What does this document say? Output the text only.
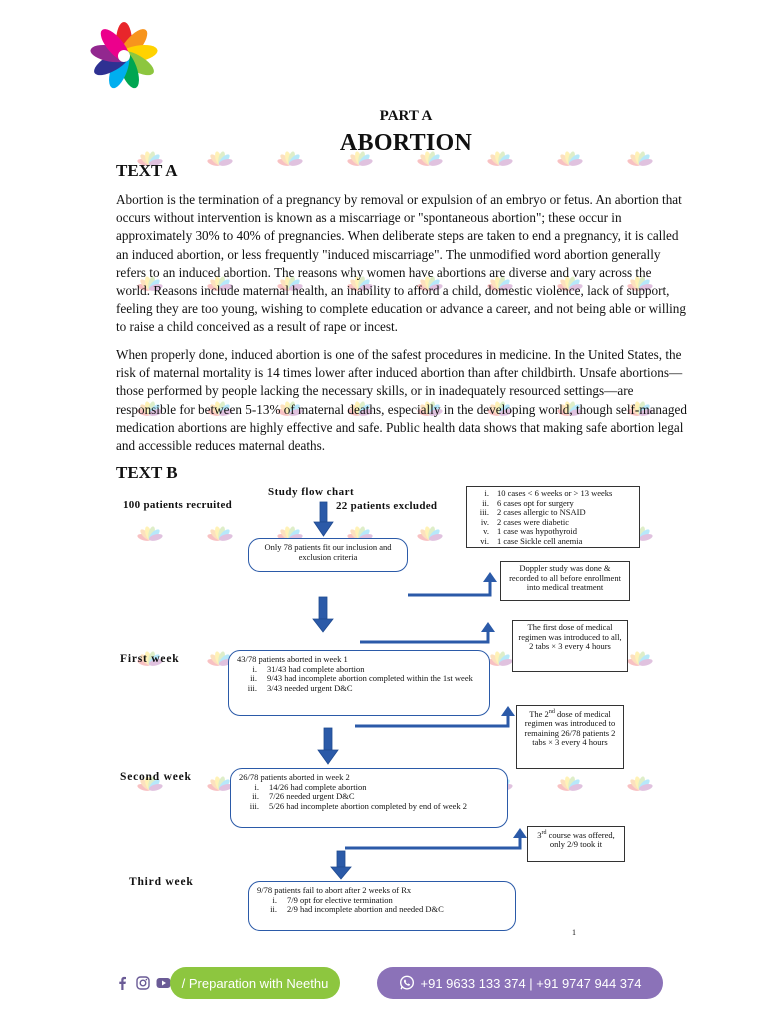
PART A
ABORTION
TEXT A
Abortion is the termination of a pregnancy by removal or expulsion of an embryo or fetus. An abortion that occurs without intervention is known as a miscarriage or "spontaneous abortion"; these occur in approximately 30% to 40% of pregnancies. When deliberate steps are taken to end a pregnancy, it is called an induced abortion, or less frequently "induced miscarriage". The unmodified word abortion generally refers to an induced abortion. The reasons why women have abortions are diverse and vary across the world. Reasons include maternal health, an inability to afford a child, domestic violence, lack of support, feeling they are too young, wishing to complete education or advance a career, and not being able or willing to raise a child conceived as a result of rape or incest.
When properly done, induced abortion is one of the safest procedures in medicine. In the United States, the risk of maternal mortality is 14 times lower after induced abortion than after childbirth. Unsafe abortions—those performed by people lacking the necessary skills, or in inadequately resourced settings—are responsible for between 5-13% of maternal deaths, especially in the developing world, though self-managed medication abortions are highly effective and safe. Public health data shows that making safe abortion legal and accessible reduces maternal deaths.
TEXT B
Study flow chart
100 patients recruited	22 patients excluded
i. 10 cases < 6 weeks or > 13 weeks
ii. 6 cases opt for surgery
iii. 2 cases allergic to NSAID
iv. 2 cases were diabetic
v. 1 case was hypothyroid
vi. 1 case Sickle cell anemia
Only 78 patients fit our inclusion and exclusion criteria
Doppler study was done & recorded to all before enrollment into medical treatment
The first dose of medical regimen was introduced to all, 2 tabs × 3 every 4 hours
The 2nd dose of medical regimen was introduced to remaining 26/78 patients 2 tabs × 3 every 4 hours
3rd course was offered, only 2/9 took it
First week
Second week
Third week
43/78 patients aborted in week 1
i.	31/43 had complete abortion
ii.	9/43 had incomplete abortion completed within the 1st week
iii.	3/43 needed urgent D&C
26/78 patients aborted in week 2
i.	14/26 had complete abortion
ii.	7/26 needed urgent D&C
iii.	5/26 had incomplete abortion completed by end of week 2
9/78 patients fail to abort after 2 weeks of Rx
i.	7/9 opt for elective termination
ii.	2/9 had incomplete abortion and needed D&C
1
/ Preparation with Neethu	+91 9633 133 374 | +91 9747 944 374
